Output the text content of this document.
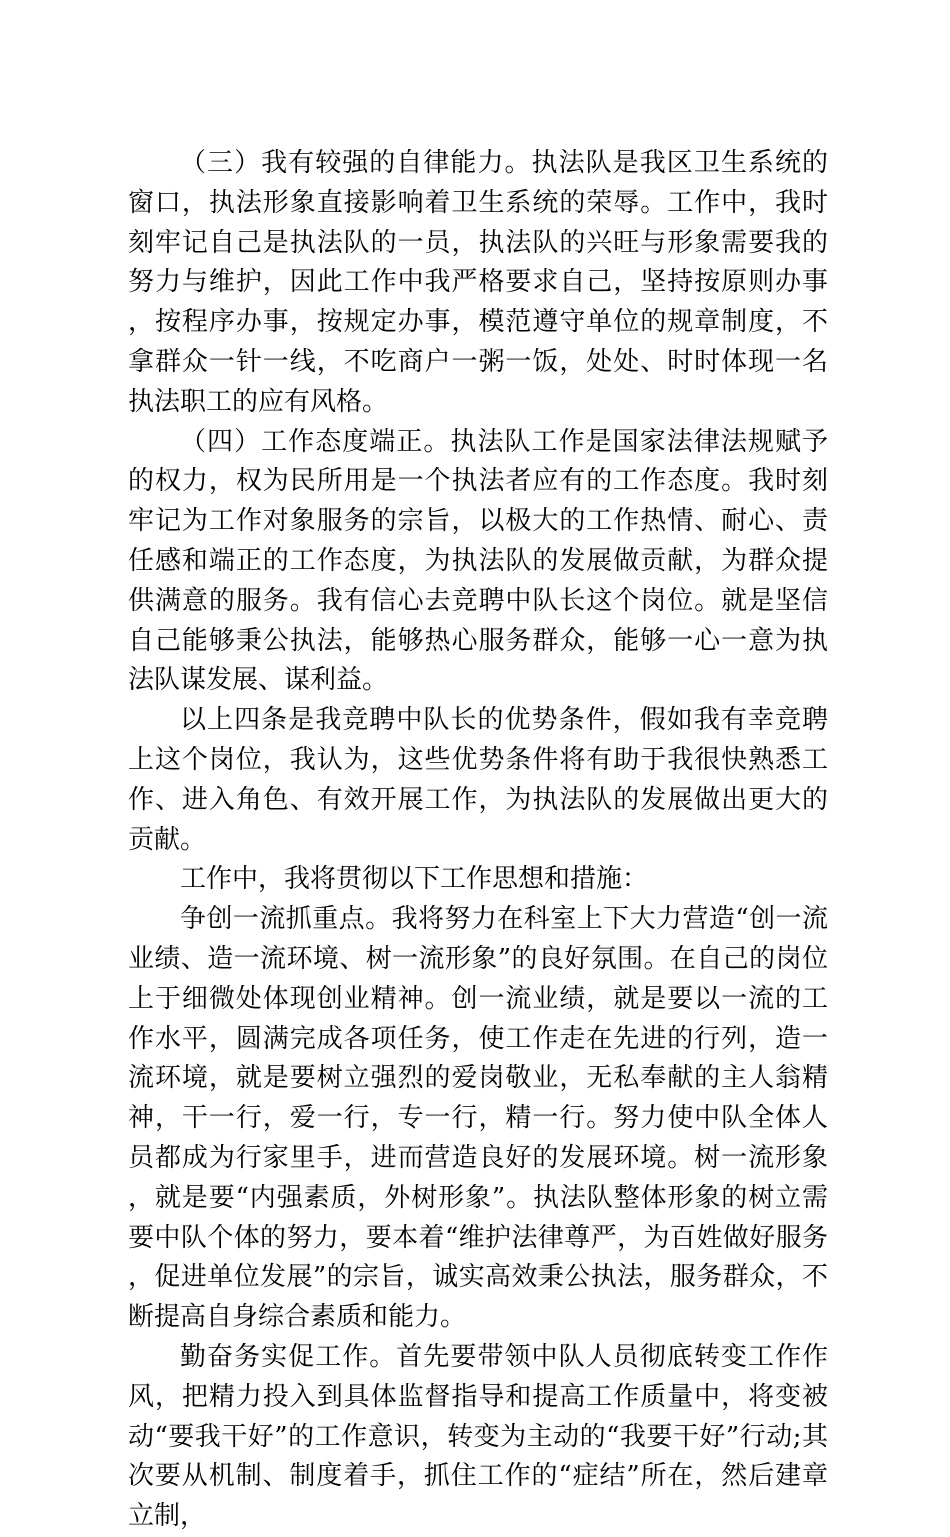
（三）我有较强的自律能力。执法队是我区卫生系统的窗口，执法形象直接影响着卫生系统的荣辱。工作中，我时刻牢记自己是执法队的一员，执法队的兴旺与形象需要我的努力与维护，因此工作中我严格要求自己，坚持按原则办事，按程序办事，按规定办事，模范遵守单位的规章制度，不拿群众一针一线，不吃商户一粥一饭，处处、时时体现一名执法职工的应有风格。

（四）工作态度端正。执法队工作是国家法律法规赋予的权力，权为民所用是一个执法者应有的工作态度。我时刻牢记为工作对象服务的宗旨，以极大的工作热情、耐心、责任感和端正的工作态度，为执法队的发展做贡献，为群众提供满意的服务。我有信心去竞聘中队长这个岗位。就是坚信自己能够秉公执法，能够热心服务群众，能够一心一意为执法队谋发展、谋利益。

以上四条是我竞聘中队长的优势条件，假如我有幸竞聘上这个岗位，我认为，这些优势条件将有助于我很快熟悉工作、进入角色、有效开展工作，为执法队的发展做出更大的贡献。

工作中，我将贯彻以下工作思想和措施：

争创一流抓重点。我将努力在科室上下大力营造“创一流业绩、造一流环境、树一流形象”的良好氛围。在自己的岗位上于细微处体现创业精神。创一流业绩，就是要以一流的工作水平，圆满完成各项任务，使工作走在先进的行列，造一流环境，就是要树立强烈的爱岗敬业，无私奉献的主人翁精神，干一行，爱一行，专一行，精一行。努力使中队全体人员都成为行家里手，进而营造良好的发展环境。树一流形象，就是要“内强素质，外树形象”。执法队整体形象的树立需要中队个体的努力，要本着“维护法律尊严，为百姓做好服务，促进单位发展”的宗旨，诚实高效秉公执法，服务群众，不断提高自身综合素质和能力。

勤奋务实促工作。首先要带领中队人员彻底转变工作作风，把精力投入到具体监督指导和提高工作质量中，将变被动“要我干好”的工作意识，转变为主动的“我要干好”行动;其次要从机制、制度着手，抓住工作的“症结”所在，然后建章立制，
